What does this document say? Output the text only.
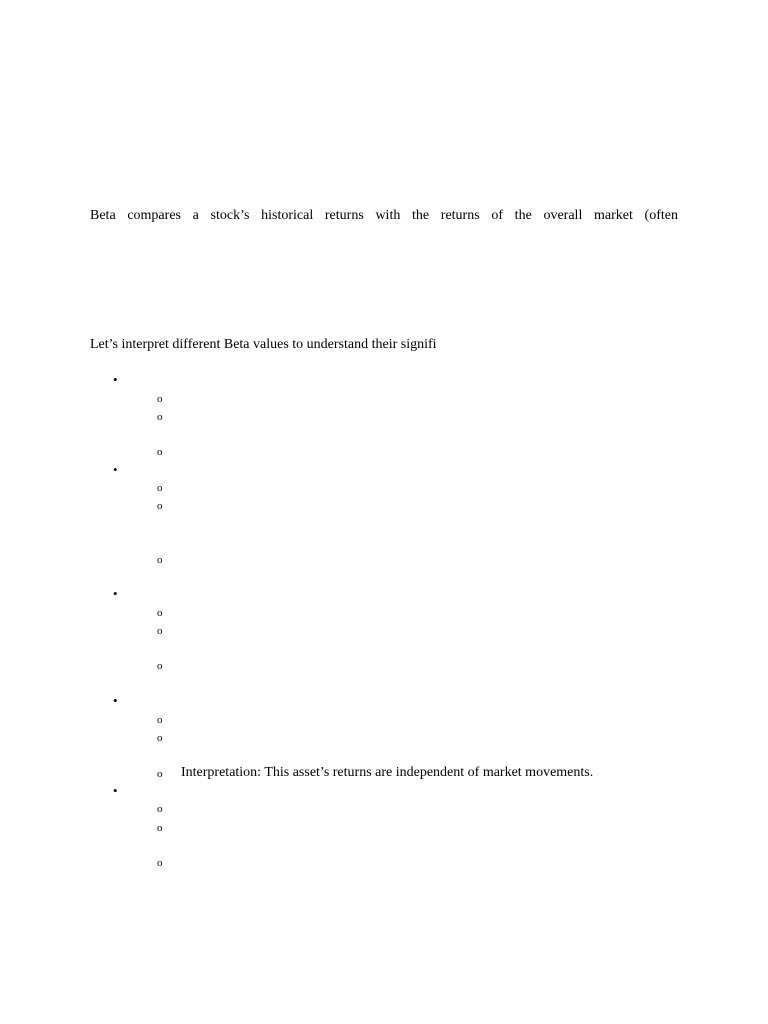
Beta compares a stock’s historical returns with the returns of the overall market (often
Let’s interpret different Beta values to understand their signifi
•
o
o
o
•
o
o
o
•
o
o
o
•
o
o
o Interpretation: This asset’s returns are independent of market movements.
•
o
o
o
